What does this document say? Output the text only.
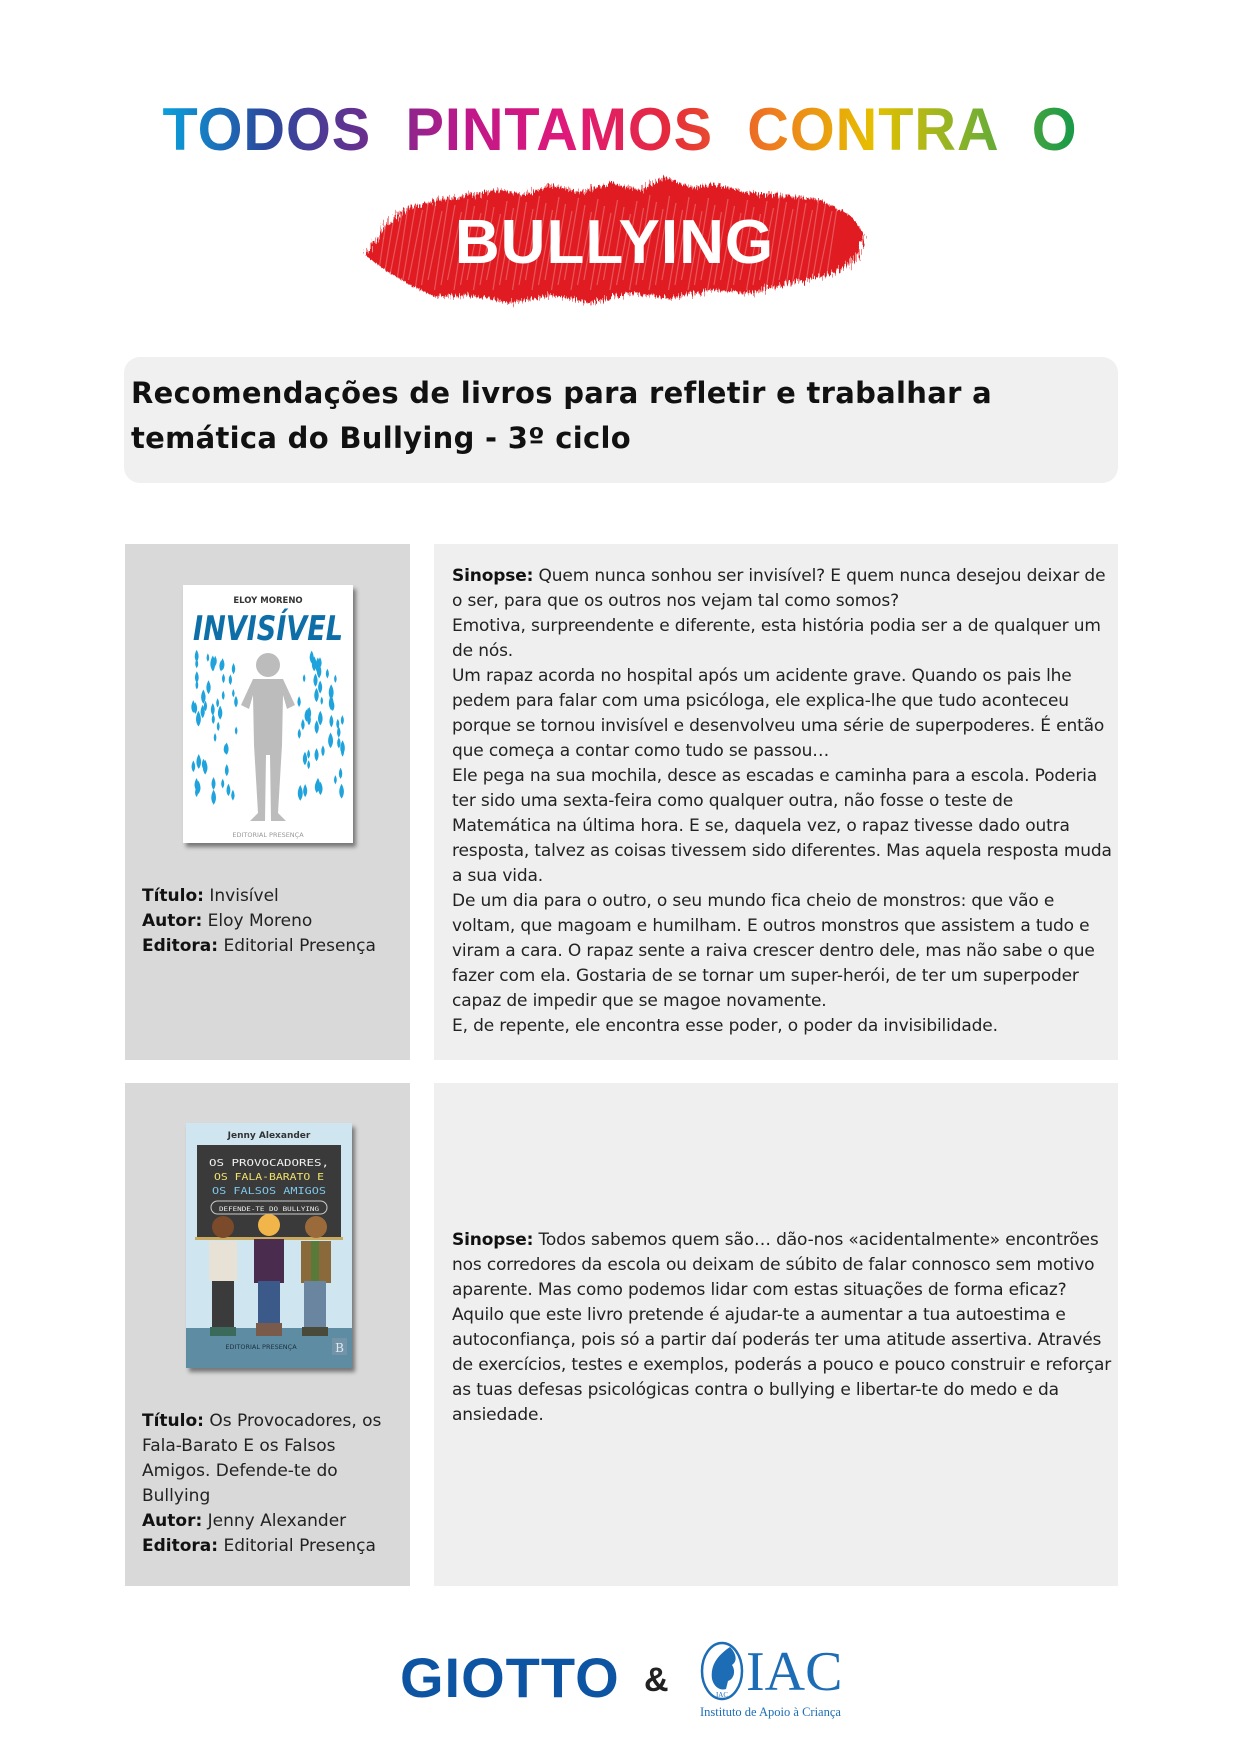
TODOS PINTAMOS CONTRA O
BULLYING
Recomendações de livros para refletir e trabalhar a
temática do Bullying - 3º ciclo
ELOY MORENO
INVISÍVEL
EDITORIAL PRESENÇA
Título: Invisível
Autor: Eloy Moreno
Editora: Editorial Presença

Sinopse: Quem nunca sonhou ser invisível? E quem nunca desejou deixar de o ser, para que os outros nos vejam tal como somos?

Emotiva, surpreendente e diferente, esta história podia ser a de qualquer um de nós.

Um rapaz acorda no hospital após um acidente grave. Quando os pais lhe pedem para falar com uma psicóloga, ele explica-lhe que tudo aconteceu porque se tornou invisível e desenvolveu uma série de superpoderes. É então que começa a contar como tudo se passou…

Ele pega na sua mochila, desce as escadas e caminha para a escola. Poderia ter sido uma sexta-feira como qualquer outra, não fosse o teste de Matemática na última hora. E se, daquela vez, o rapaz tivesse dado outra resposta, talvez as coisas tivessem sido diferentes. Mas aquela resposta muda a sua vida.

De um dia para o outro, o seu mundo fica cheio de monstros: que vão e voltam, que magoam e humilham. E outros monstros que assistem a tudo e viram a cara. O rapaz sente a raiva crescer dentro dele, mas não sabe o que fazer com ela. Gostaria de se tornar um super-herói, de ter um superpoder capaz de impedir que se magoe novamente.

E, de repente, ele encontra esse poder, o poder da invisibilidade.

Jenny Alexander
OS PROVOCADORES,
OS FALA-BARATO E
OS FALSOS AMIGOS
DEFENDE-TE DO BULLYING
EDITORIAL PRESENÇA	B
Título: Os Provocadores, os Fala-Barato E os Falsos Amigos. Defende-te do Bullying
Autor: Jenny Alexander
Editora: Editorial Presença

Sinopse: Todos sabemos quem são… dão-nos «acidentalmente» encontrões nos corredores da escola ou deixam de súbito de falar connosco sem motivo aparente. Mas como podemos lidar com estas situações de forma eficaz? Aquilo que este livro pretende é ajudar-te a aumentar a tua autoestima e autoconfiança, pois só a partir daí poderás ter uma atitude assertiva. Através de exercícios, testes e exemplos, poderás a pouco e pouco construir e reforçar as tuas defesas psicológicas contra o bullying e libertar-te do medo e da ansiedade.

GIOTTO &	IAC IAC
Instituto de Apoio à Criança
